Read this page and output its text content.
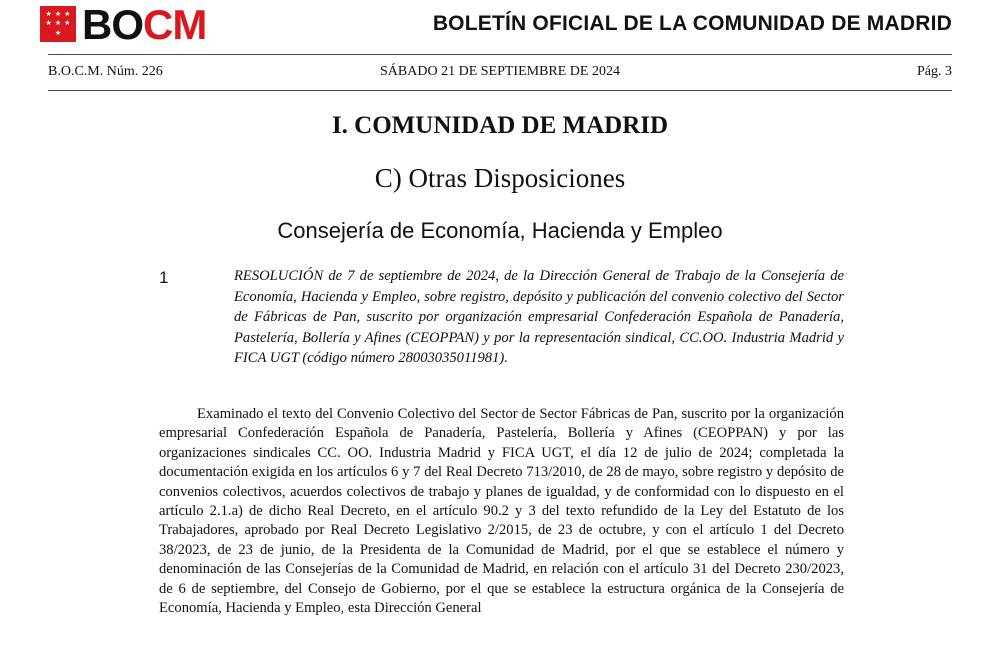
★ ★ ★
★ ★ ★
★ BOCM	BOLETÍN OFICIAL DE LA COMUNIDAD DE MADRID
B.O.C.M. Núm. 226	SÁBADO 21 DE SEPTIEMBRE DE 2024	Pág. 3
I. COMUNIDAD DE MADRID
C) Otras Disposiciones
Consejería de Economía, Hacienda y Empleo
1	RESOLUCIÓN de 7 de septiembre de 2024, de la Dirección General de Trabajo de la Consejería de Economía, Hacienda y Empleo, sobre registro, depósito y publicación del convenio colectivo del Sector de Fábricas de Pan, suscrito por organización empresarial Confederación Española de Panadería, Pastelería, Bollería y Afines (CEOPPAN) y por la representación sindical, CC.OO. Industria Madrid y FICA UGT (código número 28003035011981).

Examinado el texto del Convenio Colectivo del Sector de Sector Fábricas de Pan, suscrito por la organización empresarial Confederación Española de Panadería, Pastelería, Bollería y Afines (CEOPPAN) y por las organizaciones sindicales CC. OO. Industria Madrid y FICA UGT, el día 12 de julio de 2024; completada la documentación exigida en los artículos 6 y 7 del Real Decreto 713/2010, de 28 de mayo, sobre registro y depósito de convenios colectivos, acuerdos colectivos de trabajo y planes de igualdad, y de conformidad con lo dispuesto en el artículo 2.1.a) de dicho Real Decreto, en el artículo 90.2 y 3 del texto refundido de la Ley del Estatuto de los Trabajadores, aprobado por Real Decreto Legislativo 2/2015, de 23 de octubre, y con el artículo 1 del Decreto 38/2023, de 23 de junio, de la Presidenta de la Comunidad de Madrid, por el que se establece el número y denominación de las Consejerías de la Comunidad de Madrid, en relación con el artículo 31 del Decreto 230/2023, de 6 de septiembre, del Consejo de Gobierno, por el que se establece la estructura orgánica de la Consejería de Economía, Hacienda y Empleo, esta Dirección General
